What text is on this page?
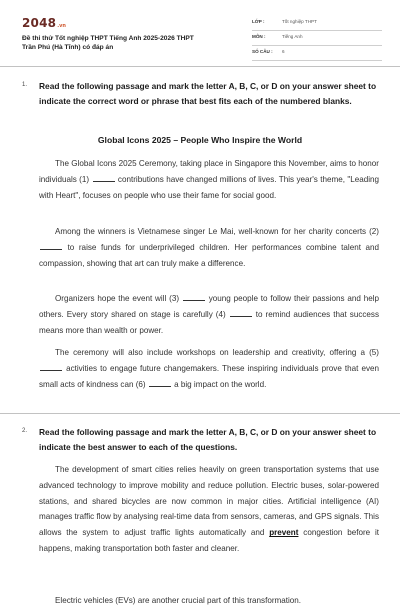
2048.vn
Đề thi thử Tốt nghiệp THPT Tiếng Anh 2025-2026 THPT
Trần Phú (Hà Tĩnh) có đáp án
LỚP :	Tốt nghiệp THPT
MÔN :	Tiếng Anh
SỐ CÂU : 6
1. Read the following passage and mark the letter A, B, C, or D on your answer sheet to indicate the correct word or phrase that best fits each of the numbered blanks.
Global Icons 2025 – People Who Inspire the World

The Global Icons 2025 Ceremony, taking place in Singapore this November, aims to honor individuals (1)	contributions have changed millions of lives. This year's theme, "Leading with Heart", focuses on people who use their fame for social good.

Among the winners is Vietnamese singer Le Mai, well-known for her charity concerts (2)  to raise funds for underprivileged children. Her performances combine talent and compassion, showing that art can truly make a difference.

Organizers hope the event will (3)	young people to follow their passions and help others. Every story shared on stage is carefully (4)	to remind audiences that success means more than wealth or power.

The ceremony will also include workshops on leadership and creativity, offering a (5)  activities to engage future changemakers. These inspiring individuals prove that even small acts of kindness can (6)	a big impact on the world.

2. Read the following passage and mark the letter A, B, C, or D on your answer sheet to indicate the best answer to each of the questions.

The development of smart cities relies heavily on green transportation systems that use advanced technology to improve mobility and reduce pollution. Electric buses, solar-powered stations, and shared bicycles are now common in major cities. Artificial intelligence (AI) manages traffic flow by analysing real-time data from sensors, cameras, and GPS signals. This allows the system to adjust traffic lights automatically and prevent congestion before it happens, making transportation both faster and cleaner.

Electric vehicles (EVs) are another crucial part of this transformation.
